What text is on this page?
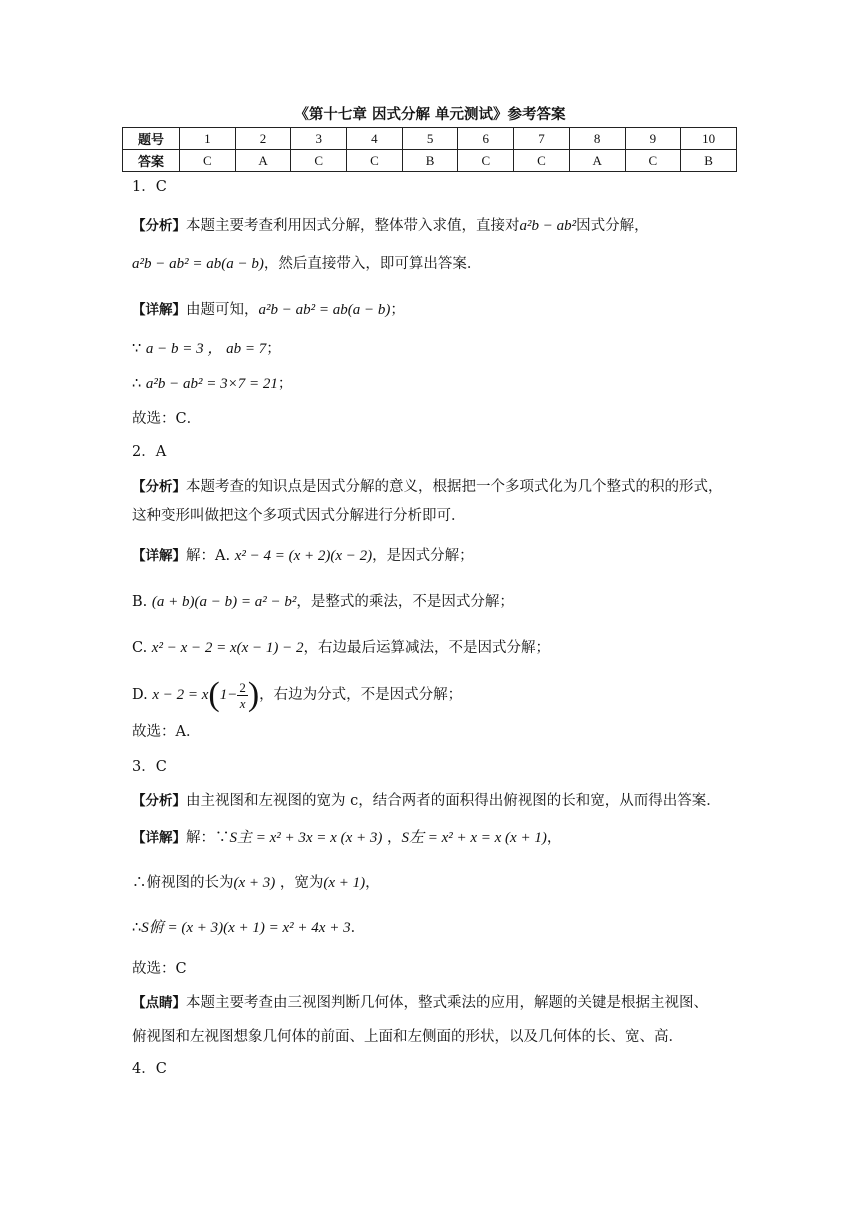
《第十七章 因式分解 单元测试》参考答案
题号	1	2	3	4	5	6	7	8	9	10
答案	C	A	C	C	B	C	C	A	C	B
1．C
【分析】本题主要考查利用因式分解，整体带入求值，直接对a²b − ab²因式分解，
a²b − ab² = ab(a − b)，然后直接带入，即可算出答案．
【详解】由题可知，a²b − ab² = ab(a − b)；
∵ a − b = 3 ， ab = 7；
∴ a²b − ab² = 3×7 = 21；
故选：C．
2．A
【分析】本题考查的知识点是因式分解的意义，根据把一个多项式化为几个整式的积的形式，
这种变形叫做把这个多项式因式分解进行分析即可．
【详解】解：A. x² − 4 = (x + 2)(x − 2)，是因式分解；
B. (a + b)(a − b) = a² − b²，是整式的乘法，不是因式分解；
C. x² − x − 2 = x(x − 1) − 2，右边最后运算减法，不是因式分解；
D. $x - 2 = x(1- \frac{2}{x}$ )，右边为分式，不是因式分解；
故选：A．
3．C
【分析】由主视图和左视图的宽为 c，结合两者的面积得出俯视图的长和宽，从而得出答案．
【详解】解：∵S主 = x² + 3x = x (x + 3) ，S左 = x² + x = x (x + 1)，
∴俯视图的长为(x + 3) ，宽为(x + 1)，
∴S俯 = (x + 3)(x + 1) = x² + 4x + 3．
故选：C
【点睛】本题主要考查由三视图判断几何体，整式乘法的应用，解题的关键是根据主视图、
俯视图和左视图想象几何体的前面、上面和左侧面的形状，以及几何体的长、宽、高．
4．C
